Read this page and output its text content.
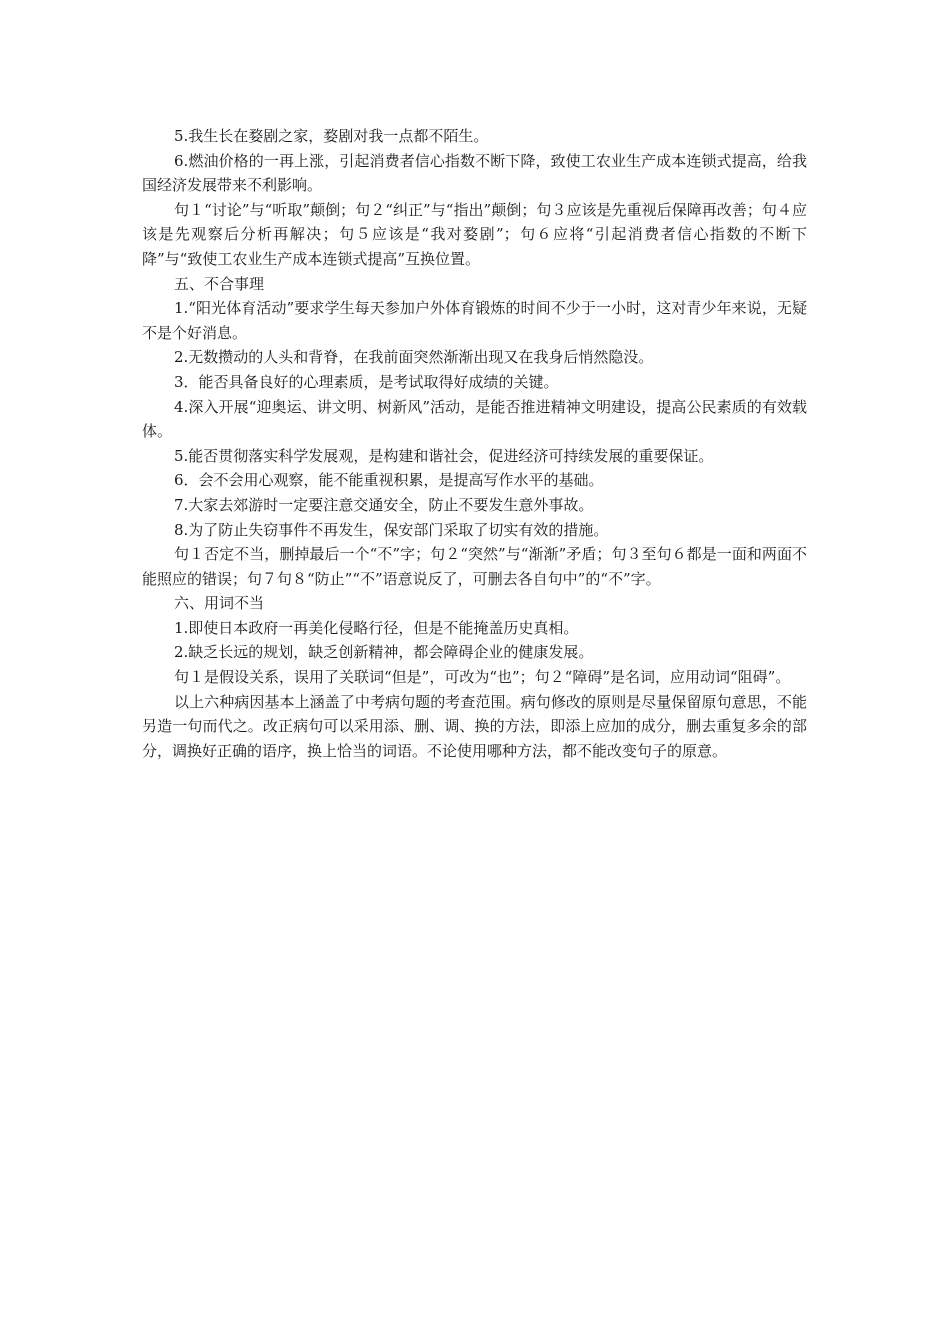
5.我生长在婺剧之家，婺剧对我一点都不陌生。

6.燃油价格的一再上涨，引起消费者信心指数不断下降，致使工农业生产成本连锁式提高，给我国经济发展带来不利影响。

句１“讨论”与“听取”颠倒；句２“纠正”与“指出”颠倒；句３应该是先重视后保障再改善；句４应该是先观察后分析再解决；句５应该是“我对婺剧”；句６应将“引起消费者信心指数的不断下降”与“致使工农业生产成本连锁式提高”互换位置。

五、不合事理

1.“阳光体育活动”要求学生每天参加户外体育锻炼的时间不少于一小时，这对青少年来说，无疑不是个好消息。

2.无数攒动的人头和背脊，在我前面突然渐渐出现又在我身后悄然隐没。

3．能否具备良好的心理素质，是考试取得好成绩的关键。

4.深入开展“迎奥运、讲文明、树新风”活动，是能否推进精神文明建设，提高公民素质的有效载体。

5.能否贯彻落实科学发展观，是构建和谐社会，促进经济可持续发展的重要保证。

6．会不会用心观察，能不能重视积累，是提高写作水平的基础。

7.大家去郊游时一定要注意交通安全，防止不要发生意外事故。

8.为了防止失窃事件不再发生，保安部门采取了切实有效的措施。

句１否定不当，删掉最后一个“不”字；句２“突然”与“渐渐”矛盾；句３至句６都是一面和两面不能照应的错误；句７句８“防止”“不”语意说反了，可删去各自句中”的“不”字。

六、用词不当

1.即使日本政府一再美化侵略行径，但是不能掩盖历史真相。

2.缺乏长远的规划，缺乏创新精神，都会障碍企业的健康发展。

句１是假设关系，误用了关联词“但是”，可改为“也”；句２“障碍”是名词，应用动词“阻碍”。

以上六种病因基本上涵盖了中考病句题的考查范围。病句修改的原则是尽量保留原句意思，不能另造一句而代之。改正病句可以采用添、删、调、换的方法，即添上应加的成分，删去重复多余的部分，调换好正确的语序，换上恰当的词语。不论使用哪种方法，都不能改变句子的原意。
